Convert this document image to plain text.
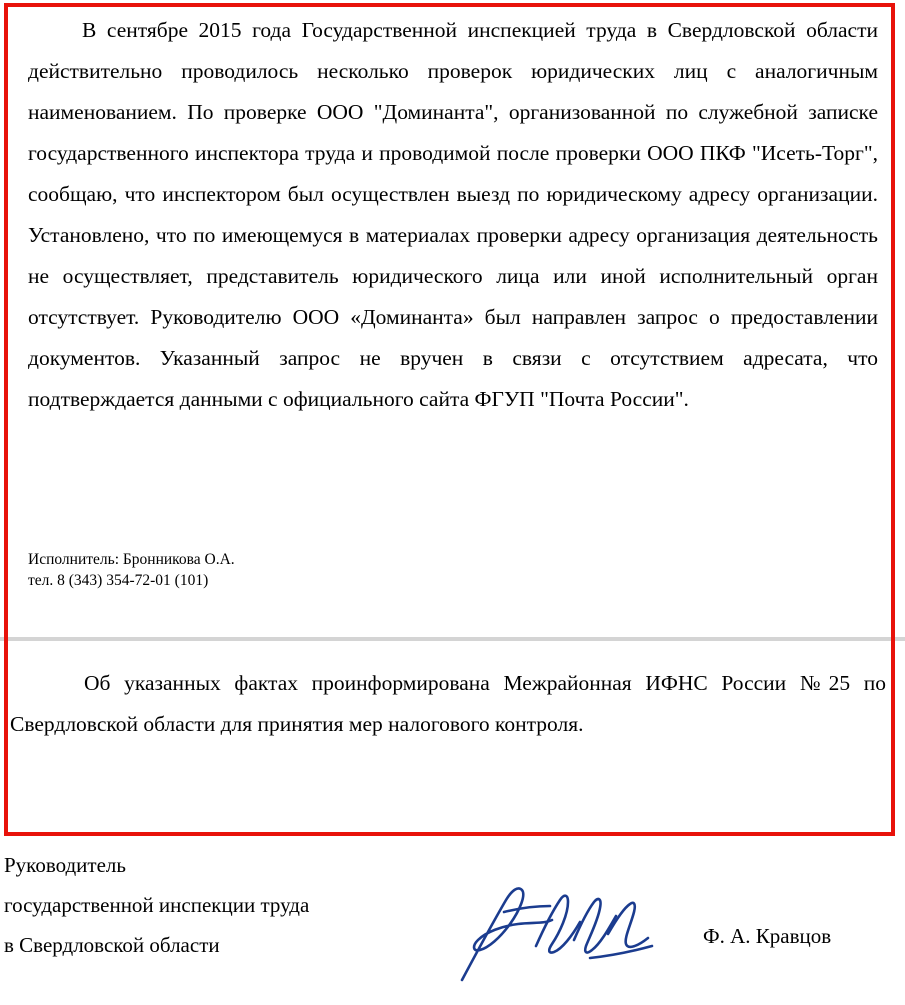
В сентябре 2015 года Государственной инспекцией труда в Свердловской области действительно проводилось несколько проверок юридических лиц с аналогичным наименованием. По проверке ООО "Доминанта", организованной по служебной записке государственного инспектора труда и проводимой после проверки ООО ПКФ "Исеть-Торг", сообщаю, что инспектором был осуществлен выезд по юридическому адресу организации. Установлено, что по имеющемуся в материалах проверки адресу организация деятельность не осуществляет, представитель юридического лица или иной исполнительный орган отсутствует. Руководителю ООО «Доминанта» был направлен запрос о предоставлении документов. Указанный запрос не вручен в связи с отсутствием адресата, что подтверждается данными с официального сайта ФГУП "Почта России".

Исполнитель: Бронникова О.А.
тел. 8 (343) 354-72-01 (101)

Об указанных фактах проинформирована Межрайонная ИФНС России №25 по Свердловской области для принятия мер налогового контроля.

Руководитель
государственной инспекции труда
в Свердловской области	Ф. А. Кравцов
